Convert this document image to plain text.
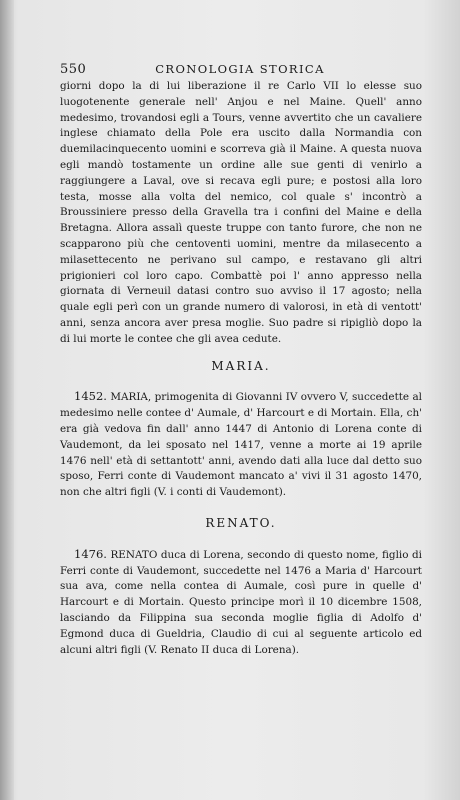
550	CRONOLOGIA STORICA

giorni dopo la di lui liberazione il re Carlo VII lo elesse suo luogotenente generale nell' Anjou e nel Maine. Quell' anno medesimo, trovandosi egli a Tours, venne avvertito che un cavaliere inglese chiamato della Pole era uscito dalla Normandia con duemilacinquecento uomini e scorreva già il Maine. A questa nuova egli mandò tostamente un ordine alle sue genti di venirlo a raggiungere a Laval, ove si recava egli pure; e postosi alla loro testa, mosse alla volta del nemico, col quale s' incontrò a Broussiniere presso della Gravella tra i confini del Maine e della Bretagna. Allora assalì queste truppe con tanto furore, che non ne scapparono più che centoventi uomini, mentre da milasecento a milasettecento ne perivano sul campo, e restavano gli altri prigionieri col loro capo. Combattè poi l' anno appresso nella giornata di Verneuil datasi contro suo avviso il 17 agosto; nella quale egli perì con un grande numero di valorosi, in età di ventott' anni, senza ancora aver presa moglie. Suo padre si ripigliò dopo la di lui morte le contee che gli avea cedute.

MARIA.

1452. MARIA, primogenita di Giovanni IV ovvero V, succedette al medesimo nelle contee d' Aumale, d' Harcourt e di Mortain. Ella, ch' era già vedova fin dall' anno 1447 di Antonio di Lorena conte di Vaudemont, da lei sposato nel 1417, venne a morte ai 19 aprile 1476 nell' età di settantott' anni, avendo dati alla luce dal detto suo sposo, Ferri conte di Vaudemont mancato a' vivi il 31 agosto 1470, non che altri figli (V. i conti di Vaudemont).

RENATO.

1476. RENATO duca di Lorena, secondo di questo nome, figlio di Ferri conte di Vaudemont, succedette nel 1476 a Maria d' Harcourt sua ava, come nella contea di Aumale, così pure in quelle d' Harcourt e di Mortain. Questo principe morì il 10 dicembre 1508, lasciando da Filippina sua seconda moglie figlia di Adolfo d' Egmond duca di Gueldria, Claudio di cui al seguente articolo ed alcuni altri figli (V. Renato II duca di Lorena).
